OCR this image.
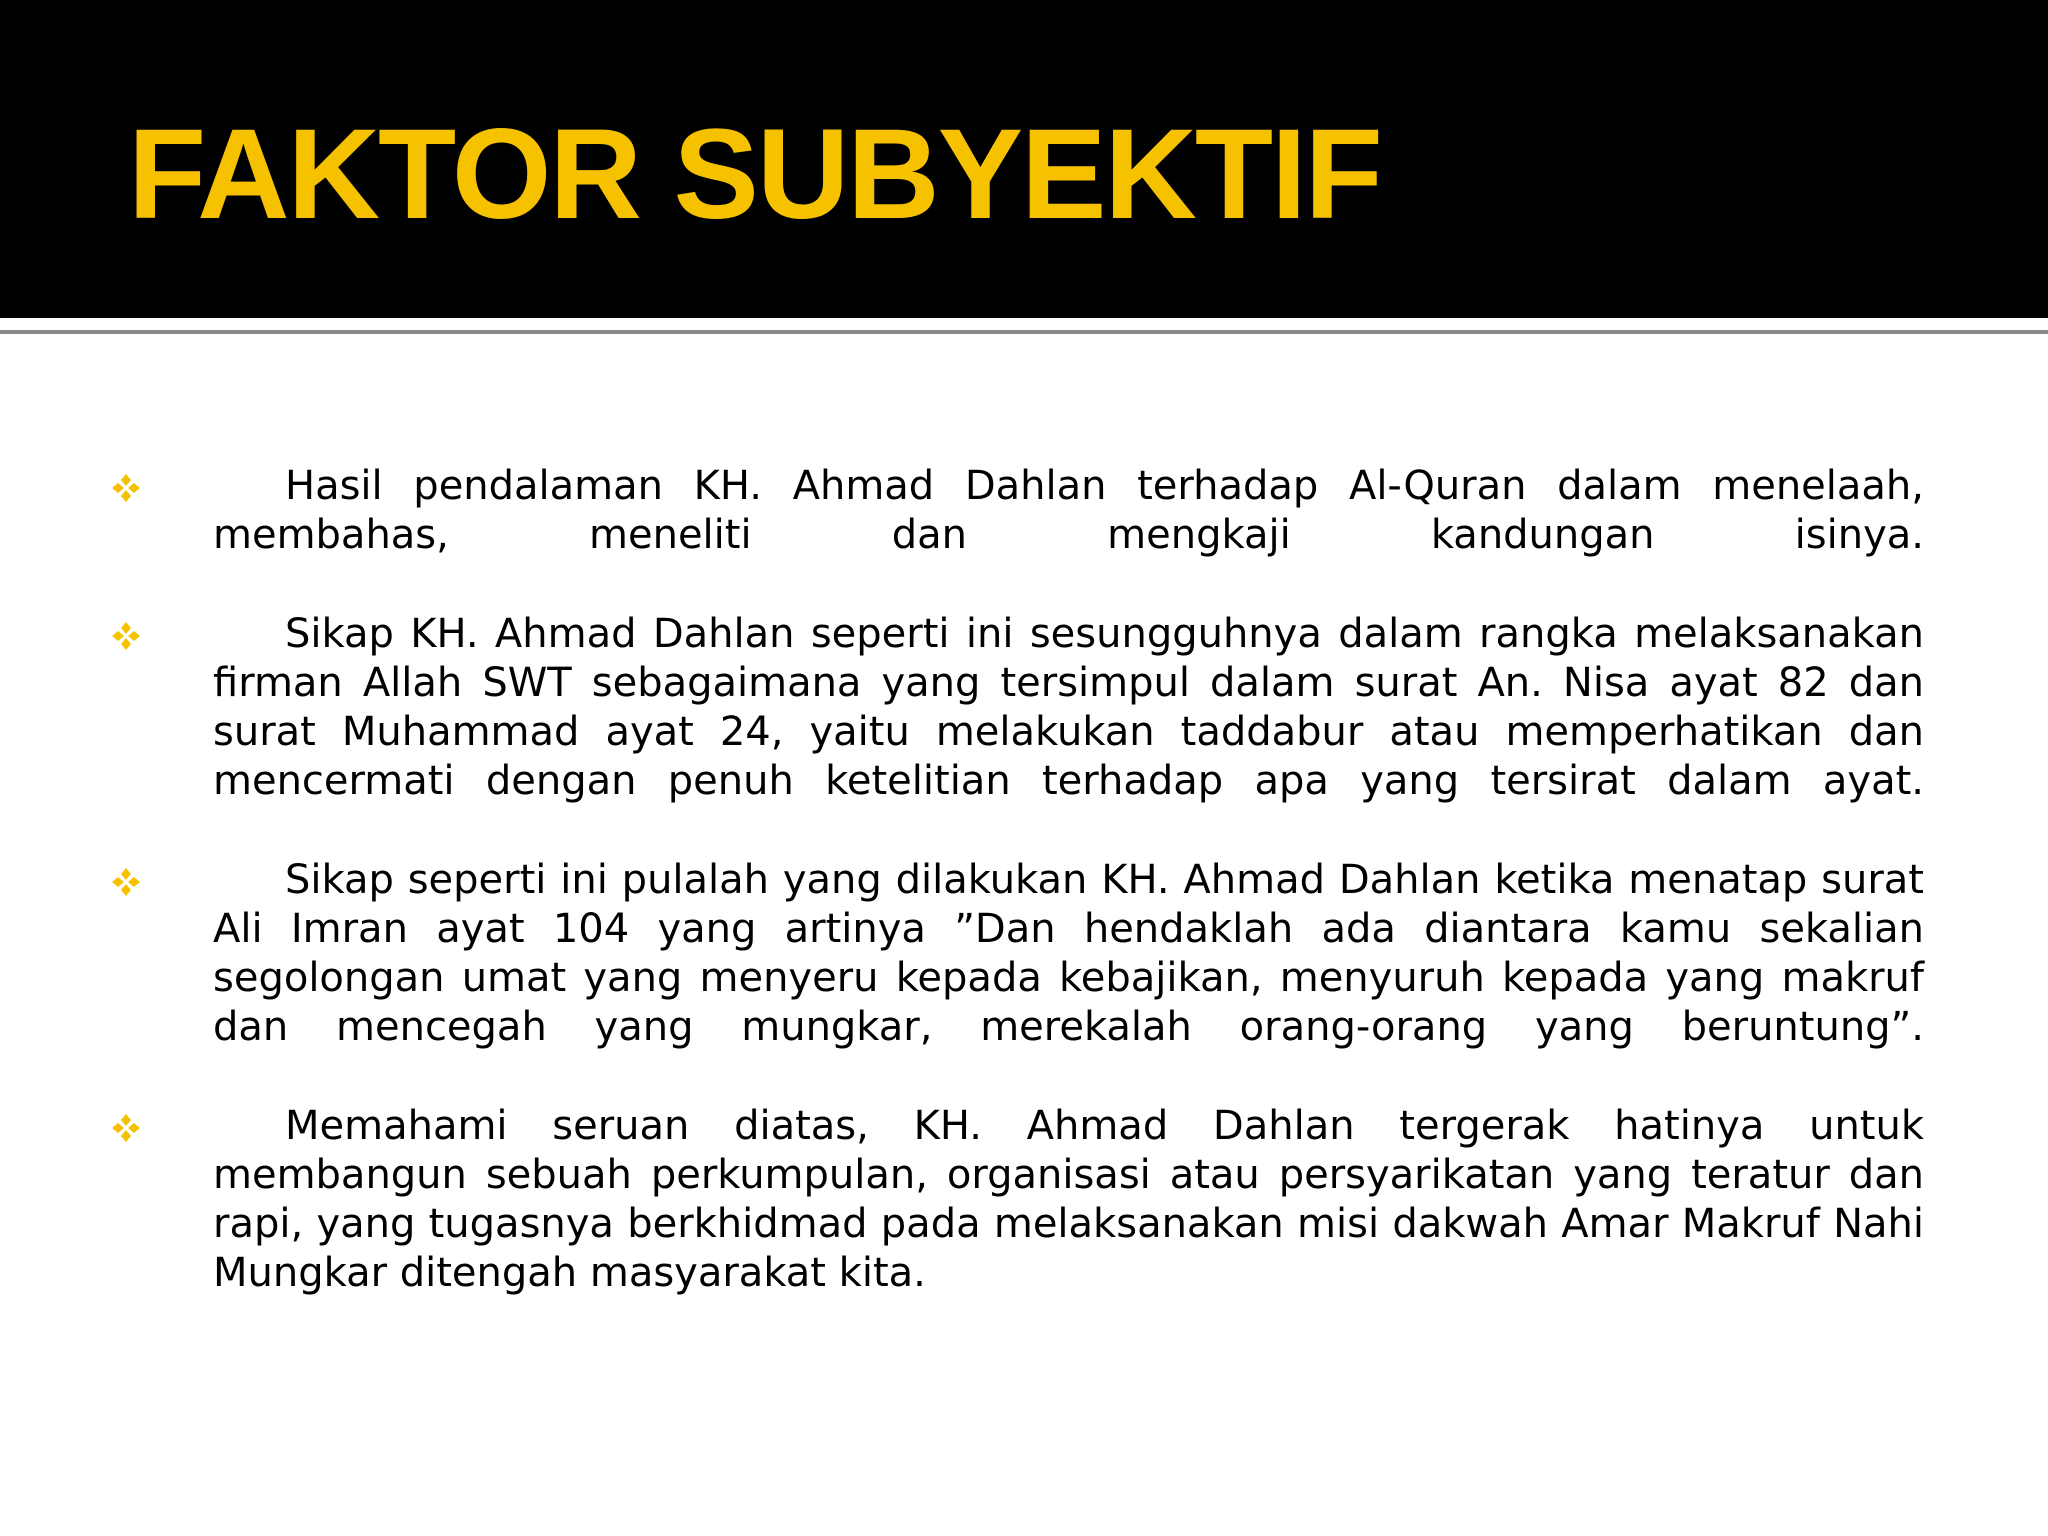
FAKTOR SUBYEKTIF

Hasil pendalaman KH. Ahmad Dahlan terhadap Al-Quran dalam menelaah, membahas, meneliti dan mengkaji kandungan isinya.

Sikap KH. Ahmad Dahlan seperti ini sesungguhnya dalam rangka melaksanakan firman Allah SWT sebagaimana yang tersimpul dalam surat An. Nisa ayat 82 dan surat Muhammad ayat 24, yaitu melakukan taddabur atau memperhatikan dan mencermati dengan penuh ketelitian terhadap apa yang tersirat dalam ayat.

Sikap seperti ini pulalah yang dilakukan KH. Ahmad Dahlan ketika menatap surat Ali Imran ayat 104 yang artinya ”Dan hendaklah ada diantara kamu sekalian segolongan umat yang menyeru kepada kebajikan, menyuruh kepada yang makruf dan mencegah yang mungkar, merekalah orang-orang yang beruntung”.

Memahami seruan diatas, KH. Ahmad Dahlan tergerak hatinya untuk membangun sebuah perkumpulan, organisasi atau persyarikatan yang teratur dan rapi, yang tugasnya berkhidmad pada melaksanakan misi dakwah Amar Makruf Nahi Mungkar ditengah masyarakat kita.
